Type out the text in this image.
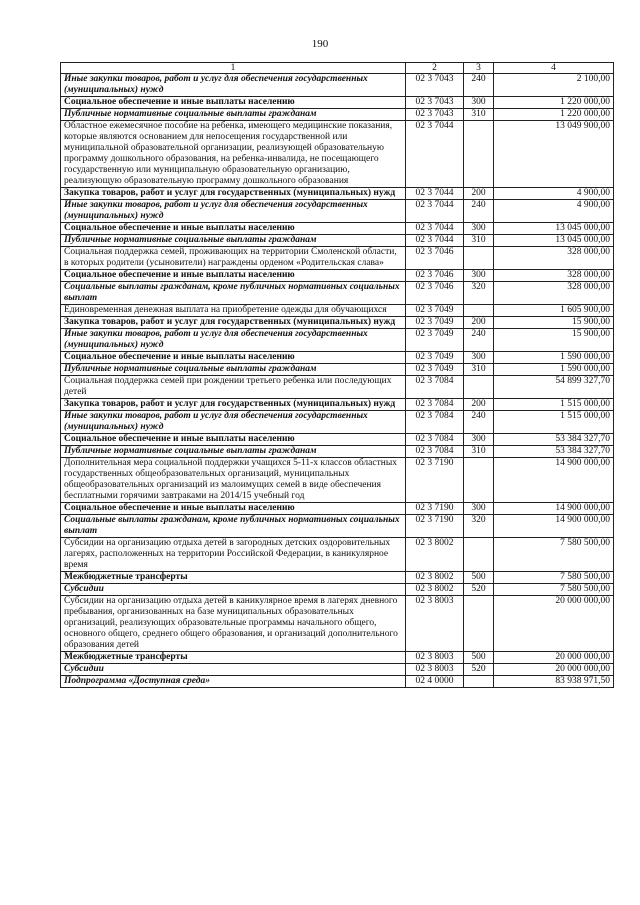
190
1	2	3	4
Иные закупки товаров, работ и услуг для обеспечения государственных (муниципальных) нужд	02 3 7043	240	2 100,00
Социальное обеспечение и иные выплаты населению	02 3 7043	300	1 220 000,00
Публичные нормативные социальные выплаты гражданам	02 3 7043	310	1 220 000,00
Областное ежемесячное пособие на ребенка, имеющего медицинские показания, которые являются основанием для непосещения государственной или муниципальной образовательной организации, реализующей образовательную программу дошкольного образования, на ребенка-инвалида, не посещающего государственную или муниципальную образовательную организацию, реализующую образовательную программу дошкольного образования	02 3 7044		13 049 900,00
Закупка товаров, работ и услуг для государственных (муниципальных) нужд	02 3 7044	200	4 900,00
Иные закупки товаров, работ и услуг для обеспечения государственных (муниципальных) нужд	02 3 7044	240	4 900,00
Социальное обеспечение и иные выплаты населению	02 3 7044	300	13 045 000,00
Публичные нормативные социальные выплаты гражданам	02 3 7044	310	13 045 000,00
Социальная поддержка семей, проживающих на территории Смоленской области, в которых родители (усыновители) награждены орденом «Родительская слава»	02 3 7046		328 000,00
Социальное обеспечение и иные выплаты населению	02 3 7046	300	328 000,00
Социальные выплаты гражданам, кроме публичных нормативных социальных выплат	02 3 7046	320	328 000,00
Единовременная денежная выплата на приобретение одежды для обучающихся	02 3 7049		1 605 900,00
Закупка товаров, работ и услуг для государственных (муниципальных) нужд	02 3 7049	200	15 900,00
Иные закупки товаров, работ и услуг для обеспечения государственных (муниципальных) нужд	02 3 7049	240	15 900,00
Социальное обеспечение и иные выплаты населению	02 3 7049	300	1 590 000,00
Публичные нормативные социальные выплаты гражданам	02 3 7049	310	1 590 000,00
Социальная поддержка семей при рождении третьего ребенка или последующих детей	02 3 7084		54 899 327,70
Закупка товаров, работ и услуг для государственных (муниципальных) нужд	02 3 7084	200	1 515 000,00
Иные закупки товаров, работ и услуг для обеспечения государственных (муниципальных) нужд	02 3 7084	240	1 515 000,00
Социальное обеспечение и иные выплаты населению	02 3 7084	300	53 384 327,70
Публичные нормативные социальные выплаты гражданам	02 3 7084	310	53 384 327,70
Дополнительная мера социальной поддержки учащихся 5-11-х классов областных государственных общеобразовательных организаций, муниципальных общеобразовательных организаций из малоимущих семей в виде обеспечения бесплатными горячими завтраками на 2014/15 учебный год	02 3 7190		14 900 000,00
Социальное обеспечение и иные выплаты населению	02 3 7190	300	14 900 000,00
Социальные выплаты гражданам, кроме публичных нормативных социальных выплат	02 3 7190	320	14 900 000,00
Субсидии на организацию отдыха детей в загородных детских оздоровительных лагерях, расположенных на территории Российской Федерации, в каникулярное время	02 3 8002		7 580 500,00
Межбюджетные трансферты	02 3 8002	500	7 580 500,00
Субсидии	02 3 8002	520	7 580 500,00
Субсидии на организацию отдыха детей в каникулярное время в лагерях дневного пребывания, организованных на базе муниципальных образовательных организаций, реализующих образовательные программы начального общего, основного общего, среднего общего образования, и организаций дополнительного образования детей	02 3 8003		20 000 000,00
Межбюджетные трансферты	02 3 8003	500	20 000 000,00
Субсидии	02 3 8003	520	20 000 000,00
Подпрограмма «Доступная среда»	02 4 0000		83 938 971,50
